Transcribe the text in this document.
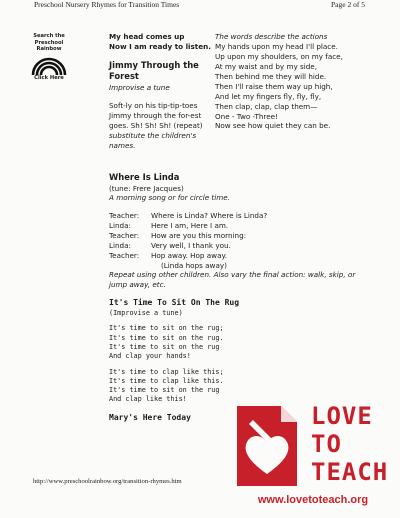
Preschool Nursery Rhymes for Transition Times	Page 2 of 5
Search the
Preschool
Rainbow
Click Here

My head comes up

Now I am ready to listen.

Jimmy Through the
Forest

Improvise a tune

Soft-ly on his tip-tip-toes

Jimmy through the for-est

goes. Sh! Sh! Sh! (repeat)

substitute the children's

names.

The words describe the actions

My hands upon my head I'll place.

Up upon my shoulders, on my face,

At my waist and by my side,

Then behind me they will hide.

Then I'll raise them way up high,

And let my fingers fly, fly, fly,

Then clap, clap, clap them—

One - Two -Three!

Now see how quiet they can be.

Where Is Linda

(tune: Frere Jacques)

A morning song or for circle time.

Teacher:	Where is Linda? Where is Linda?
Linda:	Here I am, Here I am.
Teacher:	How are you this morning:
Linda:	Very well, I thank you.
Teacher:	Hop away. Hop away.
(Linda hops away)

Repeat using other children. Also vary the final action: walk, skip, or

jump away, etc.

It's Time To Sit On The Rug

(Improvise a tune)

It's time to sit on the rug;

It's time to sit on the rug.

It's time to sit on the rug

And clap your hands!

It's time to clap like this;

It's time to clap like this.

It's time to sit on the rug

And clap like this!

Mary's Here Today
http://www.preschoolrainbow.org/transition-rhymes.htm
LOVE
TO
TEACH
www.lovetoteach.org
